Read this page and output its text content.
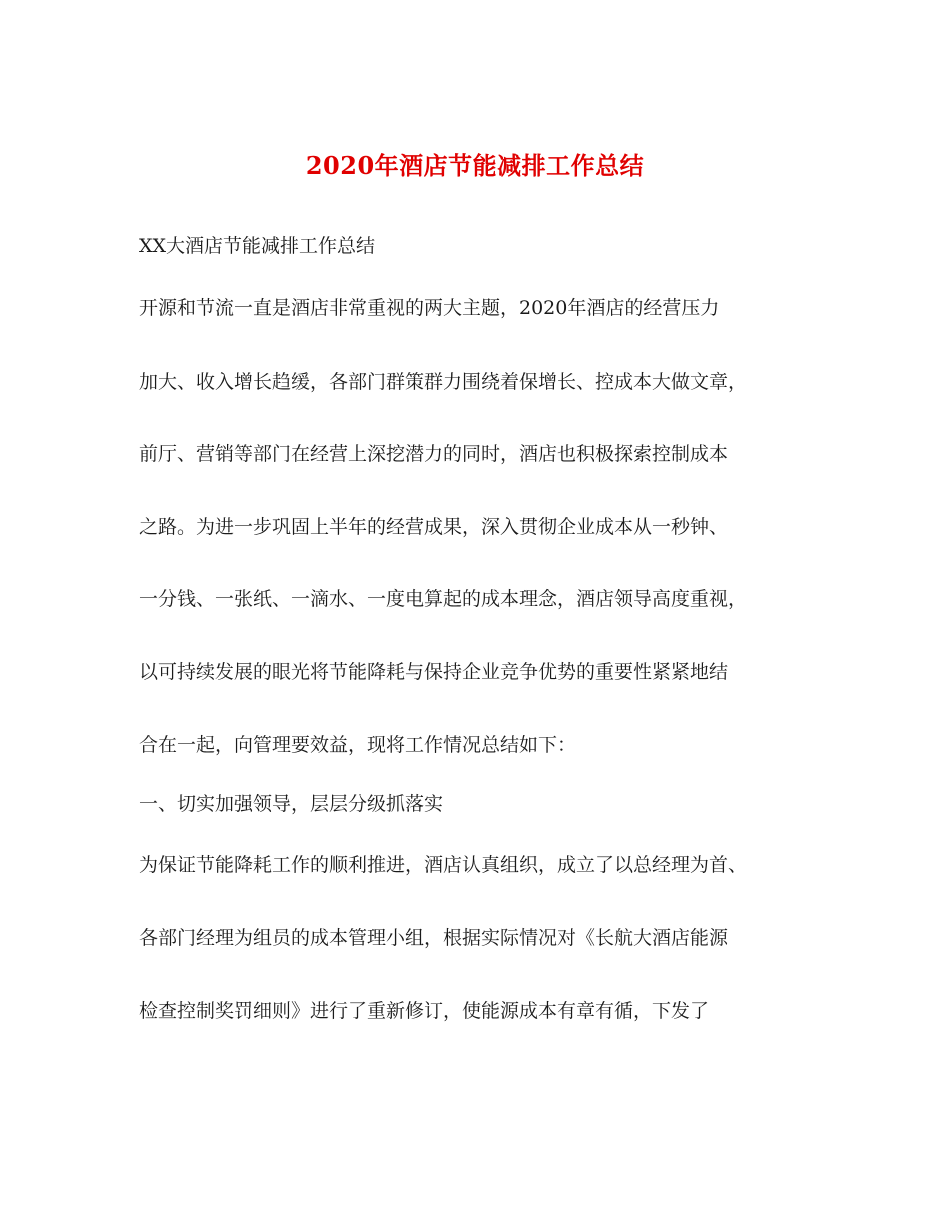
2020年酒店节能减排工作总结
XX大酒店节能减排工作总结
开源和节流一直是酒店非常重视的两大主题，2020年酒店的经营压力
加大、收入增长趋缓，各部门群策群力围绕着保增长、控成本大做文章，
前厅、营销等部门在经营上深挖潜力的同时，酒店也积极探索控制成本
之路。为进一步巩固上半年的经营成果，深入贯彻企业成本从一秒钟、
一分钱、一张纸、一滴水、一度电算起的成本理念，酒店领导高度重视，
以可持续发展的眼光将节能降耗与保持企业竞争优势的重要性紧紧地结
合在一起，向管理要效益，现将工作情况总结如下：
一、切实加强领导，层层分级抓落实
为保证节能降耗工作的顺利推进，酒店认真组织，成立了以总经理为首、
各部门经理为组员的成本管理小组，根据实际情况对《长航大酒店能源
检查控制奖罚细则》进行了重新修订，使能源成本有章有循，下发了
